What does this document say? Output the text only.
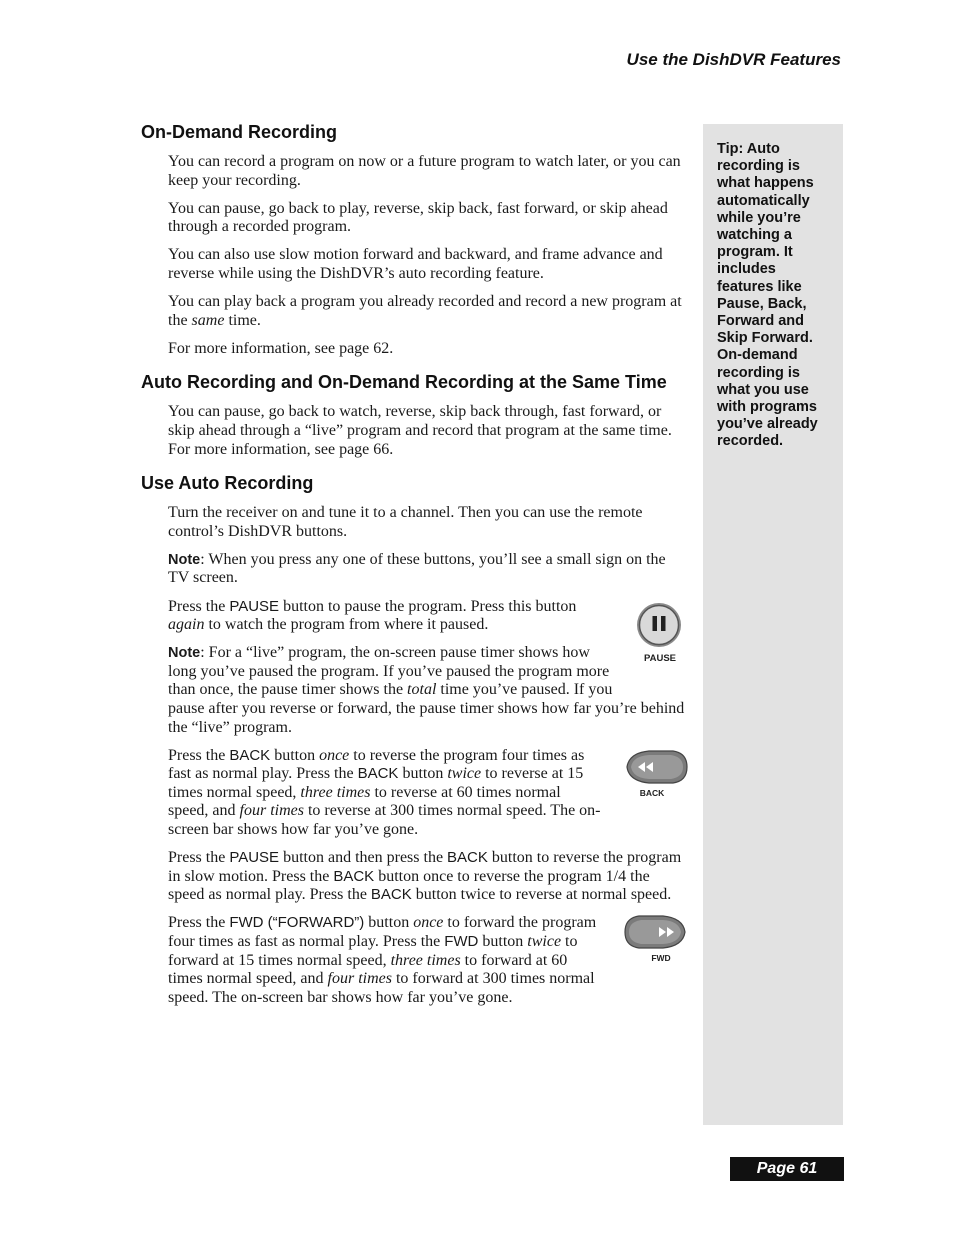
Use the DishDVR Features
Tip: Auto recording is what happens automatically while you’re watching a program. It includes features like Pause, Back, Forward and Skip Forward. On-demand recording is what you use with programs you’ve already recorded.
On-Demand Recording

You can record a program on now or a future program to watch later, or you can keep your recording.

You can pause, go back to play, reverse, skip back, fast forward, or skip ahead through a recorded program.

You can also use slow motion forward and backward, and frame advance and reverse while using the DishDVR’s auto recording feature.

You can play back a program you already recorded and record a new program at the same time.

For more information, see page 62.

Auto Recording and On-Demand Recording at the Same Time

You can pause, go back to watch, reverse, skip back through, fast forward, or skip ahead through a “live” program and record that program at the same time. For more information, see page 66.

Use Auto Recording

Turn the receiver on and tune it to a channel. Then you can use the remote control’s DishDVR buttons.

Note: When you press any one of these buttons, you’ll see a small sign on the TV screen.

PAUSE

Press the PAUSE button to pause the program. Press this button again to watch the program from where it paused.

Note: For a “live” program, the on-screen pause timer shows how long you’ve paused the program. If you’ve paused the program more than once, the pause timer shows the total time you’ve paused. If you pause after you reverse or forward, the pause timer shows how far you’re behind the “live” program.

BACK

Press the BACK button once to reverse the program four times as fast as normal play. Press the BACK button twice to reverse at 15 times normal speed, three times to reverse at 60 times normal speed, and four times to reverse at 300 times normal speed. The on-screen bar shows how far you’ve gone.

Press the PAUSE button and then press the BACK button to reverse the program in slow motion. Press the BACK button once to reverse the program 1/4 the speed as normal play. Press the BACK button twice to reverse at normal speed.

FWD

Press the FWD (“FORWARD”) button once to forward the program four times as fast as normal play. Press the FWD button twice to forward at 15 times normal speed, three times to forward at 60 times normal speed, and four times to forward at 300 times normal speed. The on-screen bar shows how far you’ve gone.

Page 61
